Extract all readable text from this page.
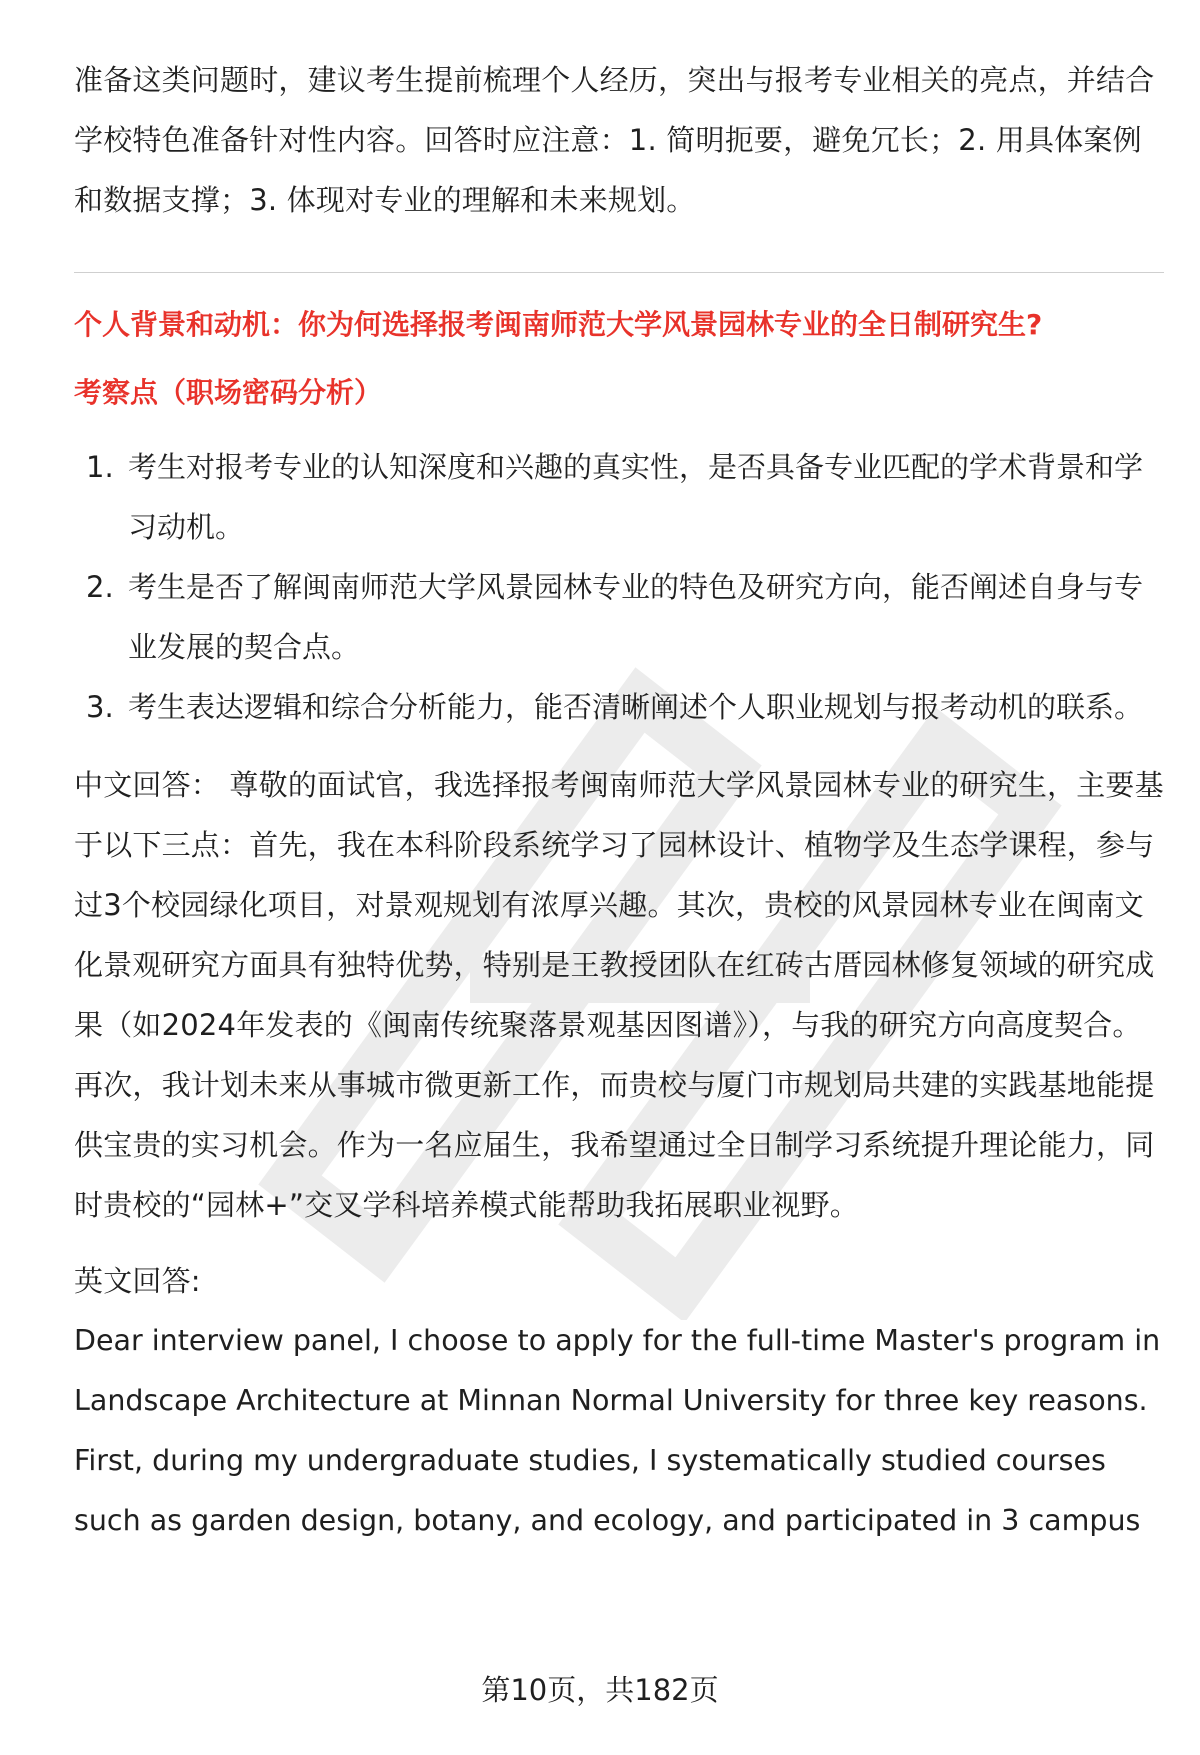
准备这类问题时，建议考生提前梳理个人经历，突出与报考专业相关的亮点，并结合学校特色准备针对性内容。回答时应注意：1. 简明扼要，避免冗长；2. 用具体案例和数据支撑；3. 体现对专业的理解和未来规划。

个人背景和动机：你为何选择报考闽南师范大学风景园林专业的全日制研究生?

考察点（职场密码分析）

1. 考生对报考专业的认知深度和兴趣的真实性，是否具备专业匹配的学术背景和学习动机。
2. 考生是否了解闽南师范大学风景园林专业的特色及研究方向，能否阐述自身与专业发展的契合点。
3. 考生表达逻辑和综合分析能力，能否清晰阐述个人职业规划与报考动机的联系。

中文回答： 尊敬的面试官，我选择报考闽南师范大学风景园林专业的研究生，主要基于以下三点：首先，我在本科阶段系统学习了园林设计、植物学及生态学课程，参与过3个校园绿化项目，对景观规划有浓厚兴趣。其次，贵校的风景园林专业在闽南文化景观研究方面具有独特优势，特别是王教授团队在红砖古厝园林修复领域的研究成果（如2024年发表的《闽南传统聚落景观基因图谱》），与我的研究方向高度契合。再次，我计划未来从事城市微更新工作，而贵校与厦门市规划局共建的实践基地能提供宝贵的实习机会。作为一名应届生，我希望通过全日制学习系统提升理论能力，同时贵校的“园林+”交叉学科培养模式能帮助我拓展职业视野。

英文回答:

Dear interview panel, I choose to apply for the full-time Master's program in Landscape Architecture at Minnan Normal University for three key reasons. First, during my undergraduate studies, I systematically studied courses such as garden design, botany, and ecology, and participated in 3 campus

第10页，共182页
